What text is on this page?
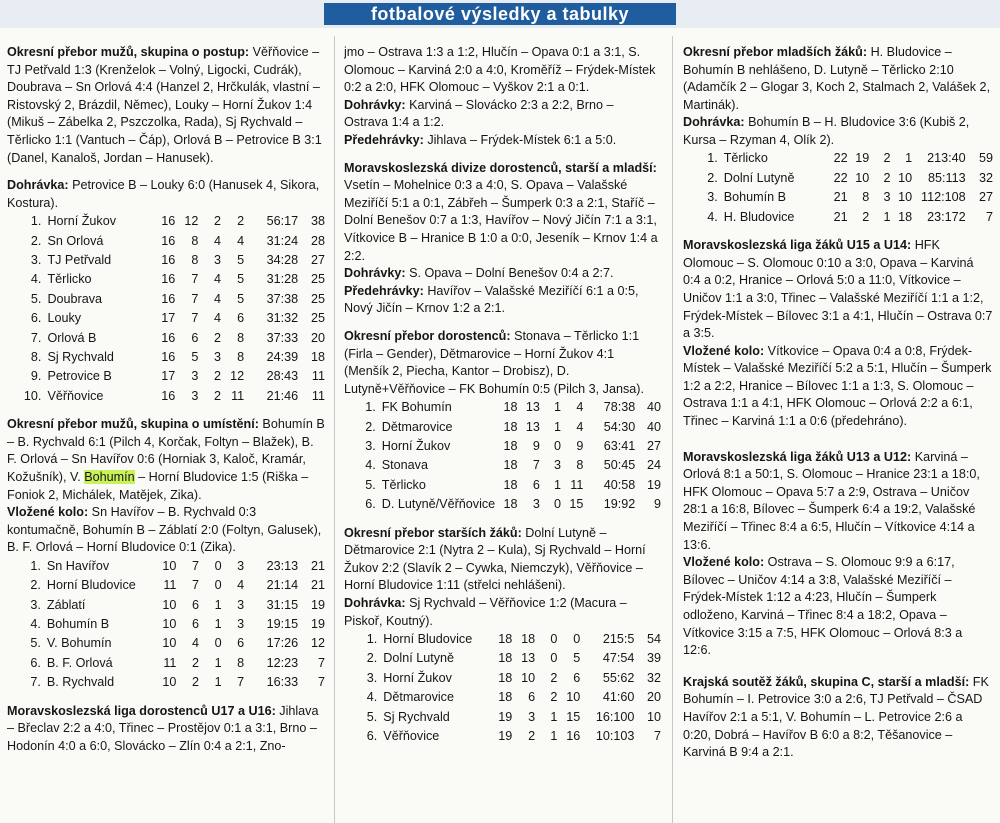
fotbalové výsledky a tabulky

Okresní přebor mužů, skupina o postup: Věřňovice – TJ Petřvald 1:3 (Krenželok – Volný, Ligocki, Cudrák), Doubrava – Sn Orlová 4:4 (Hanzel 2, Hrčkulák, vlastní – Ristovský 2, Brázdil, Němec), Louky – Horní Žukov 1:4 (Mikuš – Zábelka 2, Pszczolka, Rada), Sj Rychvald – Těrlicko 1:1 (Vantuch – Čáp), Orlová B – Petrovice B 3:1 (Danel, Kanaloš, Jordan – Hanusek).

Dohrávka: Petrovice B – Louky 6:0 (Hanusek 4, Sikora, Kostura).

1.	Horní Žukov	16	12	2	2	56:17	38
2.	Sn Orlová	16	8	4	4	31:24	28
3.	TJ Petřvald	16	8	3	5	34:28	27
4.	Těrlicko	16	7	4	5	31:28	25
5.	Doubrava	16	7	4	5	37:38	25
6.	Louky	17	7	4	6	31:32	25
7.	Orlová B	16	6	2	8	37:33	20
8.	Sj Rychvald	16	5	3	8	24:39	18
9.	Petrovice B	17	3	2	12	28:43	11
10.	Věřňovice	16	3	2	11	21:46	11

Okresní přebor mužů, skupina o umístění: Bohumín B – B. Rychvald 6:1 (Pilch 4, Korčak, Foltyn – Blažek), B. F. Orlová – Sn Havířov 0:6 (Horniak 3, Kaloč, Kramár, Kožušník), V. Bohumín – Horní Bludovice 1:5 (Riška – Foniok 2, Michálek, Matějek, Zika).

Vložené kolo: Sn Havířov – B. Rychvald 0:3 kontumačně, Bohumín B – Záblatí 2:0 (Foltyn, Galusek), B. F. Orlová – Horní Bludovice 0:1 (Zika).

1.	Sn Havířov	10	7	0	3	23:13	21
2.	Horní Bludovice	11	7	0	4	21:14	21
3.	Záblatí	10	6	1	3	31:15	19
4.	Bohumín B	10	6	1	3	19:15	19
5.	V. Bohumín	10	4	0	6	17:26	12
6.	B. F. Orlová	11	2	1	8	12:23	7
7.	B. Rychvald	10	2	1	7	16:33	7

Moravskoslezská liga dorostenců U17 a U16: Jihlava – Břeclav 2:2 a 4:0, Třinec – Prostějov 0:1 a 3:1, Brno – Hodonín 4:0 a 6:0, Slovácko – Zlín 0:4 a 2:1, Zno-

jmo – Ostrava 1:3 a 1:2, Hlučín – Opava 0:1 a 3:1, S. Olomouc – Karviná 2:0 a 4:0, Kroměříž – Frýdek-Místek 0:2 a 2:0, HFK Olomouc – Vyškov 2:1 a 0:1.

Dohrávky: Karviná – Slovácko 2:3 a 2:2, Brno – Ostrava 1:4 a 1:2.

Předehrávky: Jihlava – Frýdek-Místek 6:1 a 5:0.

Moravskoslezská divize dorostenců, starší a mladší: Vsetín – Mohelnice 0:3 a 4:0, S. Opava – Valašské Meziříčí 5:1 a 0:1, Zábřeh – Šumperk 0:3 a 2:1, Staříč – Dolní Benešov 0:7 a 1:3, Havířov – Nový Jičín 7:1 a 3:1, Vítkovice B – Hranice B 1:0 a 0:0, Jeseník – Krnov 1:4 a 2:2.

Dohrávky: S. Opava – Dolní Benešov 0:4 a 2:7.

Předehrávky: Havířov – Valašské Meziříčí 6:1 a 0:5, Nový Jičín – Krnov 1:2 a 2:1.

Okresní přebor dorostenců: Stonava – Těrlicko 1:1 (Firla – Gender), Dětmarovice – Horní Žukov 4:1 (Menšík 2, Piecha, Kantor – Drobisz), D. Lutyně+Věřňovice – FK Bohumín 0:5 (Pilch 3, Jansa).

1.	FK Bohumín	18	13	1	4	78:38	40
2.	Dětmarovice	18	13	1	4	54:30	40
3.	Horní Žukov	18	9	0	9	63:41	27
4.	Stonava	18	7	3	8	50:45	24
5.	Těrlicko	18	6	1	11	40:58	19
6.	D. Lutyně/Věřňovice	18	3	0	15	19:92	9

Okresní přebor starších žáků: Dolní Lutyně – Dětmarovice 2:1 (Nytra 2 – Kula), Sj Rychvald – Horní Žukov 2:2 (Slavík 2 – Cywka, Niemczyk), Věřňovice – Horní Bludovice 1:11 (střelci nehlášeni).

Dohrávka: Sj Rychvald – Věřňovice 1:2 (Macura – Piskoř, Koutný).

1.	Horní Bludovice	18	18	0	0	215:5	54
2.	Dolní Lutyně	18	13	0	5	47:54	39
3.	Horní Žukov	18	10	2	6	55:62	32
4.	Dětmarovice	18	6	2	10	41:60	20
5.	Sj Rychvald	19	3	1	15	16:100	10
6.	Věřňovice	19	2	1	16	10:103	7

Okresní přebor mladších žáků: H. Bludovice – Bohumín B nehlášeno, D. Lutyně – Těrlicko 2:10 (Adamčík 2 – Glogar 3, Koch 2, Stalmach 2, Valášek 2, Martinák).

Dohrávka: Bohumín B – H. Bludovice 3:6 (Kubiš 2, Kursa – Rzyman 4, Olík 2).

1.	Těrlicko	22	19	2	1	213:40	59
2.	Dolní Lutyně	22	10	2	10	85:113	32
3.	Bohumín B	21	8	3	10	112:108	27
4.	H. Bludovice	21	2	1	18	23:172	7

Moravskoslezská liga žáků U15 a U14: HFK Olomouc – S. Olomouc 0:10 a 3:0, Opava – Karviná 0:4 a 0:2, Hranice – Orlová 5:0 a 11:0, Vítkovice – Uničov 1:1 a 3:0, Třinec – Valašské Meziříčí 1:1 a 1:2, Frýdek-Místek – Bílovec 3:1 a 4:1, Hlučín – Ostrava 0:7 a 3:5.

Vložené kolo: Vítkovice – Opava 0:4 a 0:8, Frýdek-Místek – Valašské Meziříčí 5:2 a 5:1, Hlučín – Šumperk 1:2 a 2:2, Hranice – Bílovec 1:1 a 1:3, S. Olomouc – Ostrava 1:1 a 4:1, HFK Olomouc – Orlová 2:2 a 6:1, Třinec – Karviná 1:1 a 0:6 (předehráno).

Moravskoslezská liga žáků U13 a U12: Karviná – Orlová 8:1 a 50:1, S. Olomouc – Hranice 23:1 a 18:0, HFK Olomouc – Opava 5:7 a 2:9, Ostrava – Uničov 28:1 a 16:8, Bílovec – Šumperk 6:4 a 19:2, Valašské Meziříčí – Třinec 8:4 a 6:5, Hlučín – Vítkovice 4:14 a 13:6.

Vložené kolo: Ostrava – S. Olomouc 9:9 a 6:17, Bílovec – Uničov 4:14 a 3:8, Valašské Meziříčí – Frýdek-Místek 1:12 a 4:23, Hlučín – Šumperk odloženo, Karviná – Třinec 8:4 a 18:2, Opava – Vítkovice 3:15 a 7:5, HFK Olomouc – Orlová 8:3 a 12:6.

Krajská soutěž žáků, skupina C, starší a mladší: FK Bohumín – I. Petrovice 3:0 a 2:6, TJ Petřvald – ČSAD Havířov 2:1 a 5:1, V. Bohumín – L. Petrovice 2:6 a 0:20, Dobrá – Havířov B 6:0 a 8:2, Těšanovice – Karviná B 9:4 a 2:1.
